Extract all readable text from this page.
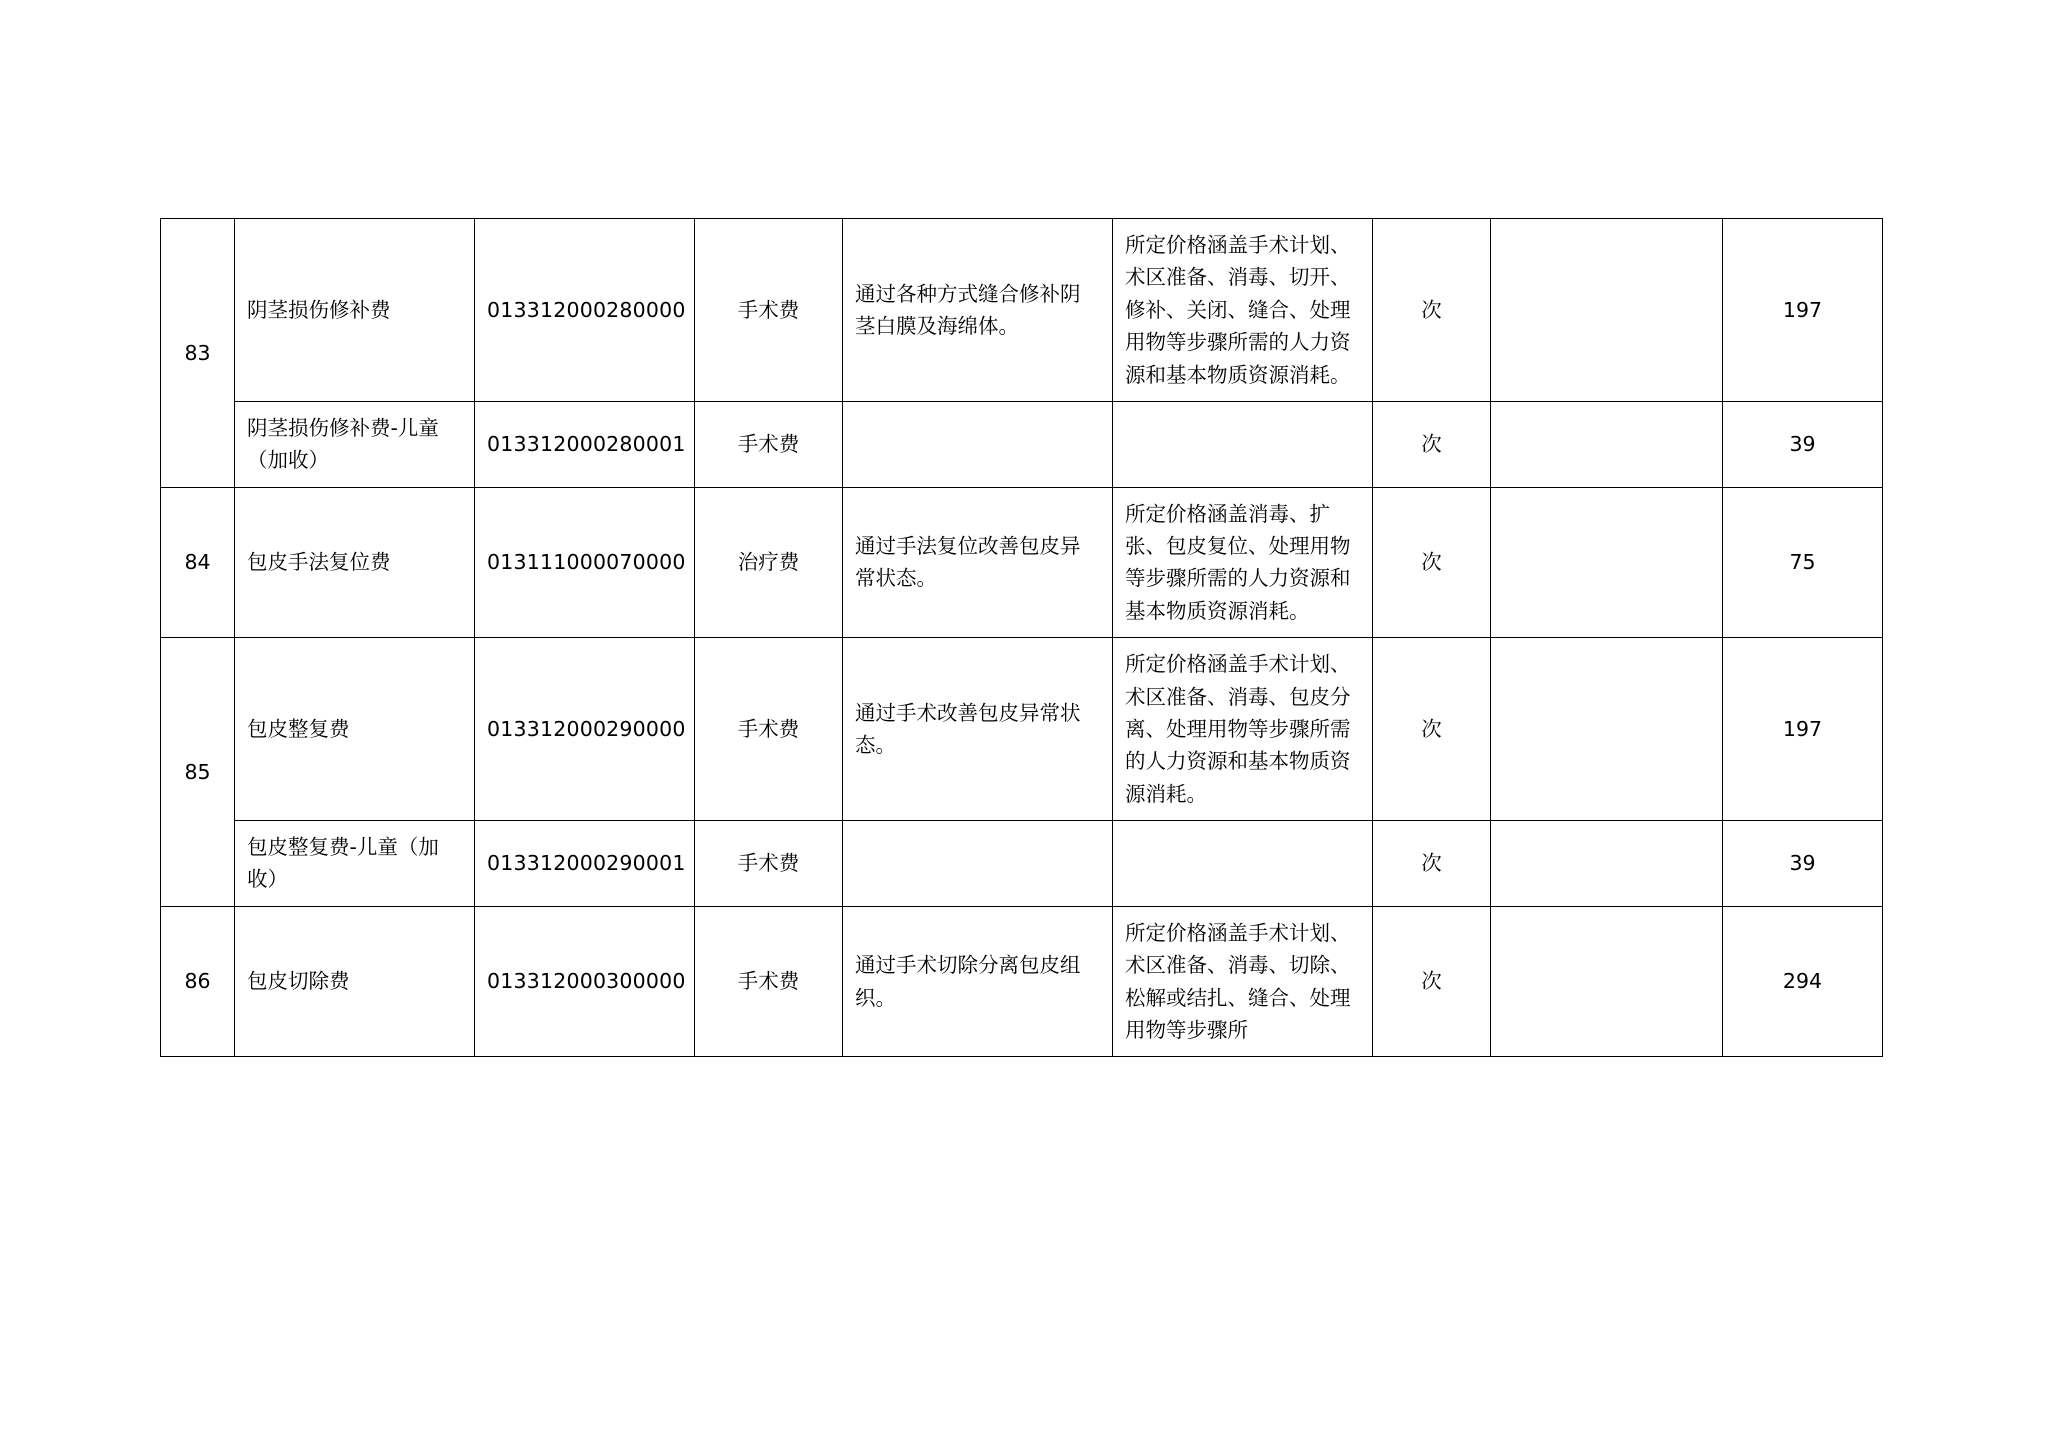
83	阴茎损伤修补费	013312000280000	手术费	通过各种方式缝合修补阴茎白膜及海绵体。	所定价格涵盖手术计划、术区准备、消毒、切开、修补、关闭、缝合、处理用物等步骤所需的人力资源和基本物质资源消耗。	次		197
	阴茎损伤修补费-儿童（加收）	013312000280001	手术费			次		39
84	包皮手法复位费	013111000070000	治疗费	通过手法复位改善包皮异常状态。	所定价格涵盖消毒、扩张、包皮复位、处理用物等步骤所需的人力资源和基本物质资源消耗。	次		75
85	包皮整复费	013312000290000	手术费	通过手术改善包皮异常状态。	所定价格涵盖手术计划、术区准备、消毒、包皮分离、处理用物等步骤所需的人力资源和基本物质资源消耗。	次		197
	包皮整复费-儿童（加收）	013312000290001	手术费			次		39
86	包皮切除费	013312000300000	手术费	通过手术切除分离包皮组织。	所定价格涵盖手术计划、术区准备、消毒、切除、松解或结扎、缝合、处理用物等步骤所	次		294
